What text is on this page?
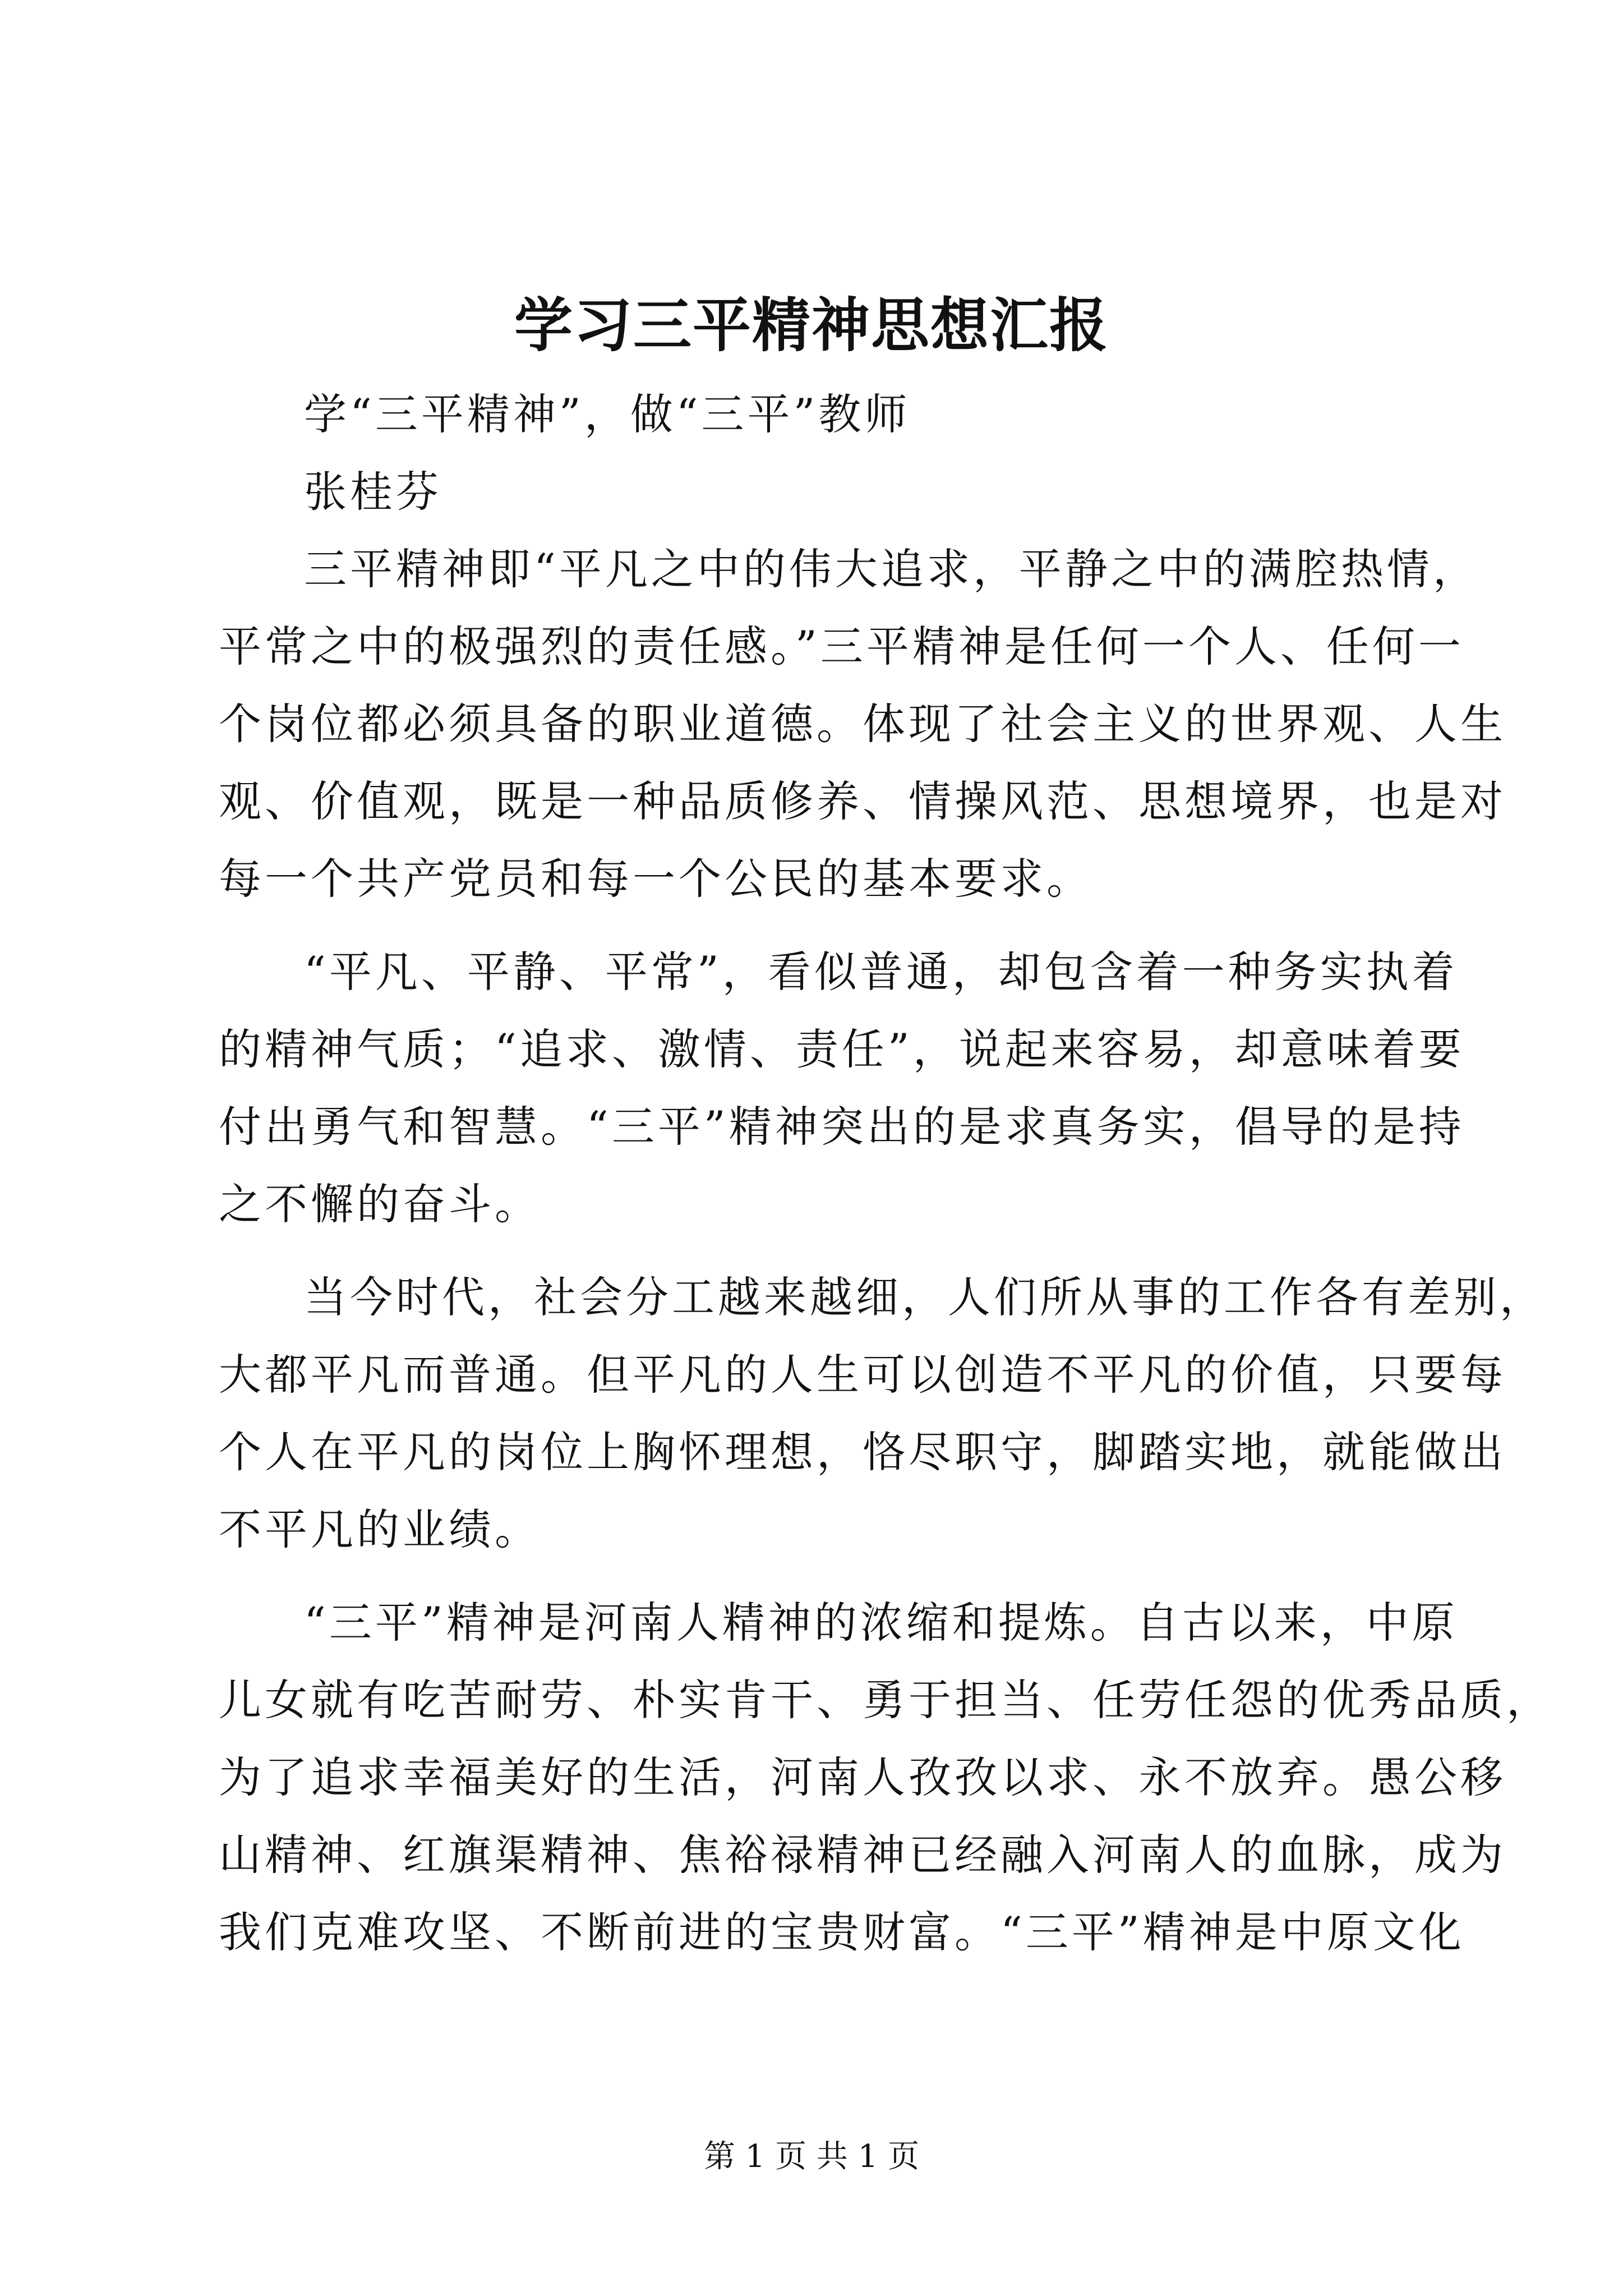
学习三平精神思想汇报

学“三平精神”，做“三平”教师

张桂芬

三平精神即“平凡之中的伟大追求，平静之中的满腔热情，

平常之中的极强烈的责任感。”三平精神是任何一个人、任何一

个岗位都必须具备的职业道德。体现了社会主义的世界观、人生

观、价值观，既是一种品质修养、情操风范、思想境界，也是对

每一个共产党员和每一个公民的基本要求。

“平凡、平静、平常”，看似普通，却包含着一种务实执着

的精神气质；“追求、激情、责任”，说起来容易，却意味着要

付出勇气和智慧。“三平”精神突出的是求真务实，倡导的是持

之不懈的奋斗。

当今时代，社会分工越来越细，人们所从事的工作各有差别，

大都平凡而普通。但平凡的人生可以创造不平凡的价值，只要每

个人在平凡的岗位上胸怀理想，恪尽职守，脚踏实地，就能做出

不平凡的业绩。

“三平”精神是河南人精神的浓缩和提炼。自古以来，中原

儿女就有吃苦耐劳、朴实肯干、勇于担当、任劳任怨的优秀品质，

为了追求幸福美好的生活，河南人孜孜以求、永不放弃。愚公移

山精神、红旗渠精神、焦裕禄精神已经融入河南人的血脉，成为

我们克难攻坚、不断前进的宝贵财富。“三平”精神是中原文化

第 1 页 共 1 页
